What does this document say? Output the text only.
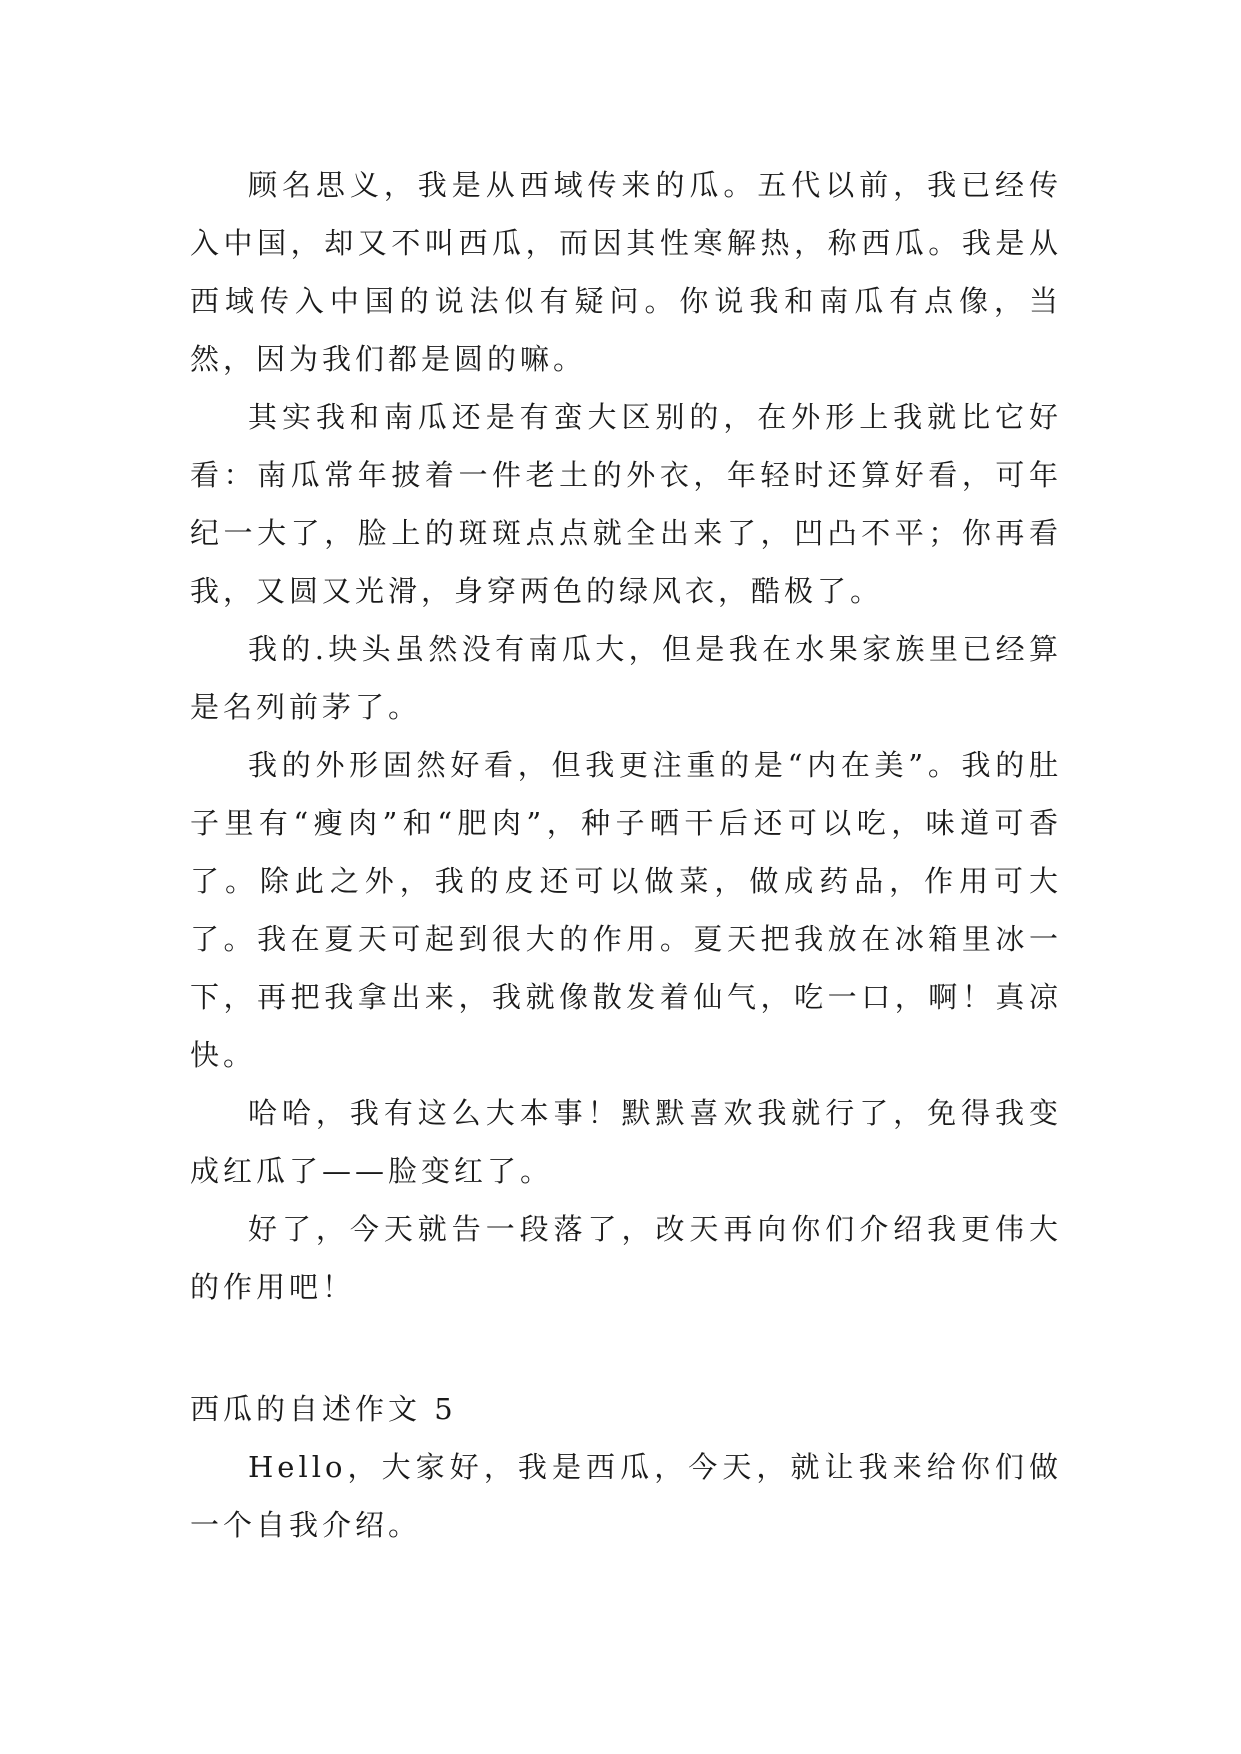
顾名思义，我是从西域传来的瓜。五代以前，我已经传入中国，却又不叫西瓜，而因其性寒解热，称西瓜。我是从西域传入中国的说法似有疑问。你说我和南瓜有点像，当然，因为我们都是圆的嘛。

其实我和南瓜还是有蛮大区别的，在外形上我就比它好看：南瓜常年披着一件老土的外衣，年轻时还算好看，可年纪一大了，脸上的斑斑点点就全出来了，凹凸不平；你再看我，又圆又光滑，身穿两色的绿风衣，酷极了。

我的.块头虽然没有南瓜大，但是我在水果家族里已经算是名列前茅了。

我的外形固然好看，但我更注重的是“内在美”。我的肚子里有“瘦肉”和“肥肉”，种子晒干后还可以吃，味道可香了。除此之外，我的皮还可以做菜，做成药品，作用可大了。我在夏天可起到很大的作用。夏天把我放在冰箱里冰一下，再把我拿出来，我就像散发着仙气，吃一口，啊！真凉快。

哈哈，我有这么大本事！默默喜欢我就行了，免得我变成红瓜了——脸变红了。

好了，今天就告一段落了，改天再向你们介绍我更伟大的作用吧！

西瓜的自述作文 5

Hello，大家好，我是西瓜，今天，就让我来给你们做一个自我介绍。
